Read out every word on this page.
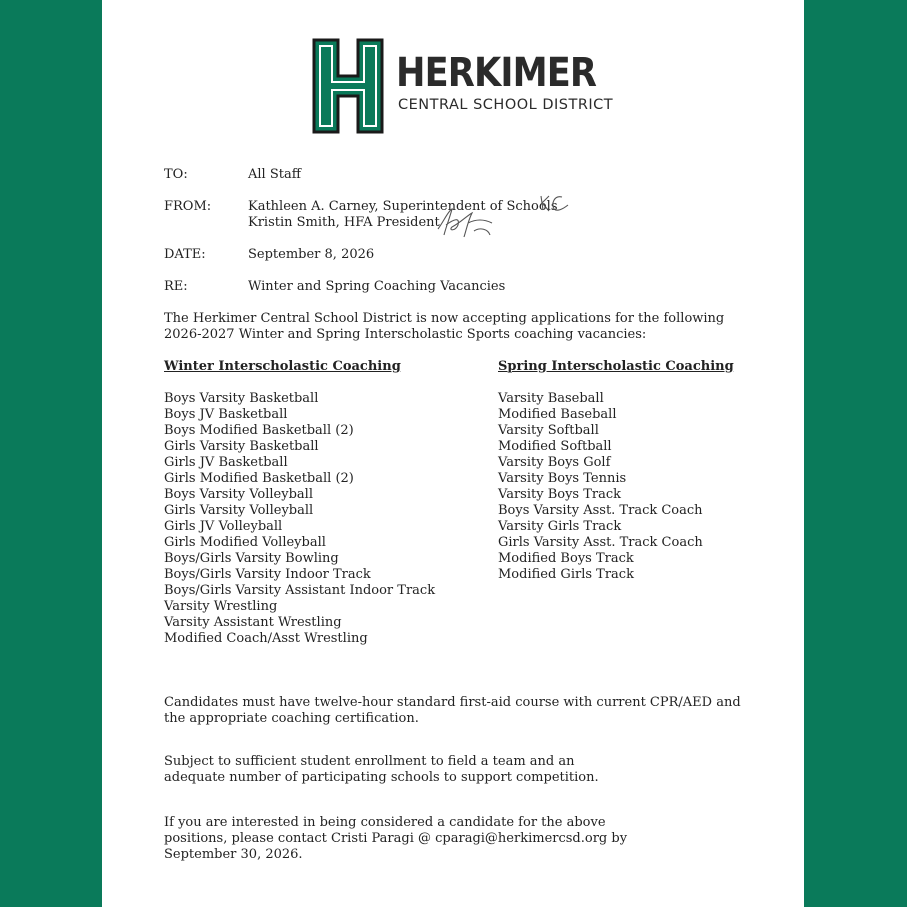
HERKIMER
CENTRAL SCHOOL DISTRICT
TO:	All Staff
FROM:	Kathleen A. Carney, Superintendent of Schools
Kristin Smith, HFA President
DATE:	September 8, 2026
RE:	Winter and Spring Coaching Vacancies
The Herkimer Central School District is now accepting applications for the following 2026-2027 Winter and Spring Interscholastic Sports coaching vacancies:
Winter Interscholastic Coaching
Boys Varsity Basketball
Boys JV Basketball
Boys Modified Basketball (2)
Girls Varsity Basketball
Girls JV Basketball
Girls Modified Basketball (2)
Boys Varsity Volleyball
Girls Varsity Volleyball
Girls JV Volleyball
Girls Modified Volleyball
Boys/Girls Varsity Bowling
Boys/Girls Varsity Indoor Track
Boys/Girls Varsity Assistant Indoor Track
Varsity Wrestling
Varsity Assistant Wrestling
Modified Coach/Asst Wrestling
Spring Interscholastic Coaching
Varsity Baseball
Modified Baseball
Varsity Softball
Modified Softball
Varsity Boys Golf
Varsity Boys Tennis
Varsity Boys Track
Boys Varsity Asst. Track Coach
Varsity Girls Track
Girls Varsity Asst. Track Coach
Modified Boys Track
Modified Girls Track
Candidates must have twelve-hour standard first-aid course with current CPR/AED and the appropriate coaching certification.
Subject to sufficient student enrollment to field a team and an adequate number of participating schools to support competition.
If you are interested in being considered a candidate for the above positions, please contact Cristi Paragi @ cparagi@herkimercsd.org by September 30, 2026.
